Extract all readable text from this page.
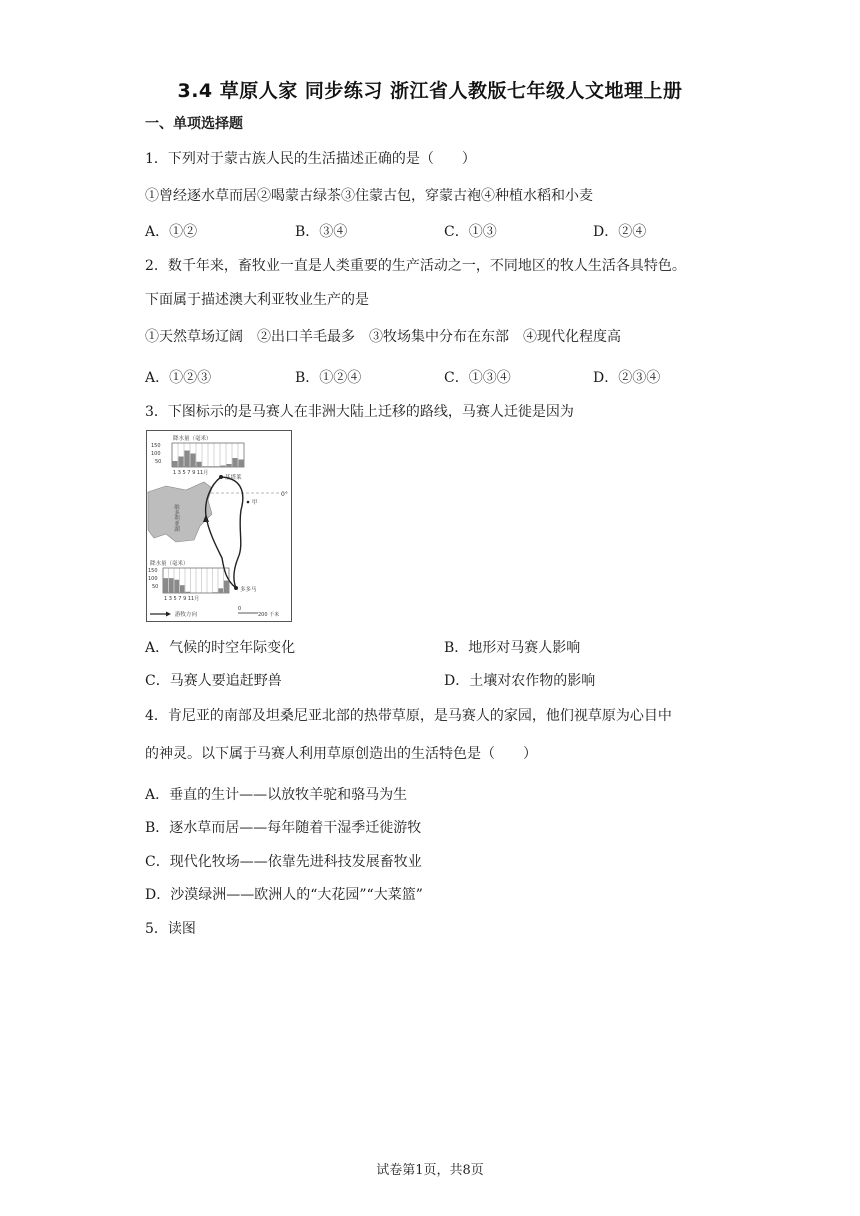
3.4 草原人家 同步练习 浙江省人教版七年级人文地理上册
一、单项选择题
1．下列对于蒙古族人民的生活描述正确的是（　　）
①曾经逐水草而居②喝蒙古绿茶③住蒙古包，穿蒙古袍④种植水稻和小麦
A．①②	B．③④	C．①③	D．②④
2．数千年来，畜牧业一直是人类重要的生产活动之一，不同地区的牧人生活各具特色。
下面属于描述澳大利亚牧业生产的是
①天然草场辽阔　②出口羊毛最多　③牧场集中分布在东部　④现代化程度高
A．①②③	B．①②④	C．①③④	D．②③④
3．下图标示的是马赛人在非洲大陆上迁移的路线，马赛人迁徙是因为
降水量（毫米）
150
100
50
1 3 5 7 9 11月
基塔莱
0°
维多利亚湖
甲
降水量（毫米）
150
100
50
1 3 5 7 9 11月
多多马
游牧方向
0
200 千米
A．气候的时空年际变化	B．地形对马赛人影响
C．马赛人要追赶野兽	D．土壤对农作物的影响
4．肯尼亚的南部及坦桑尼亚北部的热带草原，是马赛人的家园，他们视草原为心目中
的神灵。以下属于马赛人利用草原创造出的生活特色是（　　）
A．垂直的生计——以放牧羊驼和骆马为生
B．逐水草而居——每年随着干湿季迁徙游牧
C．现代化牧场——依靠先进科技发展畜牧业
D．沙漠绿洲——欧洲人的“大花园”“大菜篮”
5．读图
试卷第1页，共8页
